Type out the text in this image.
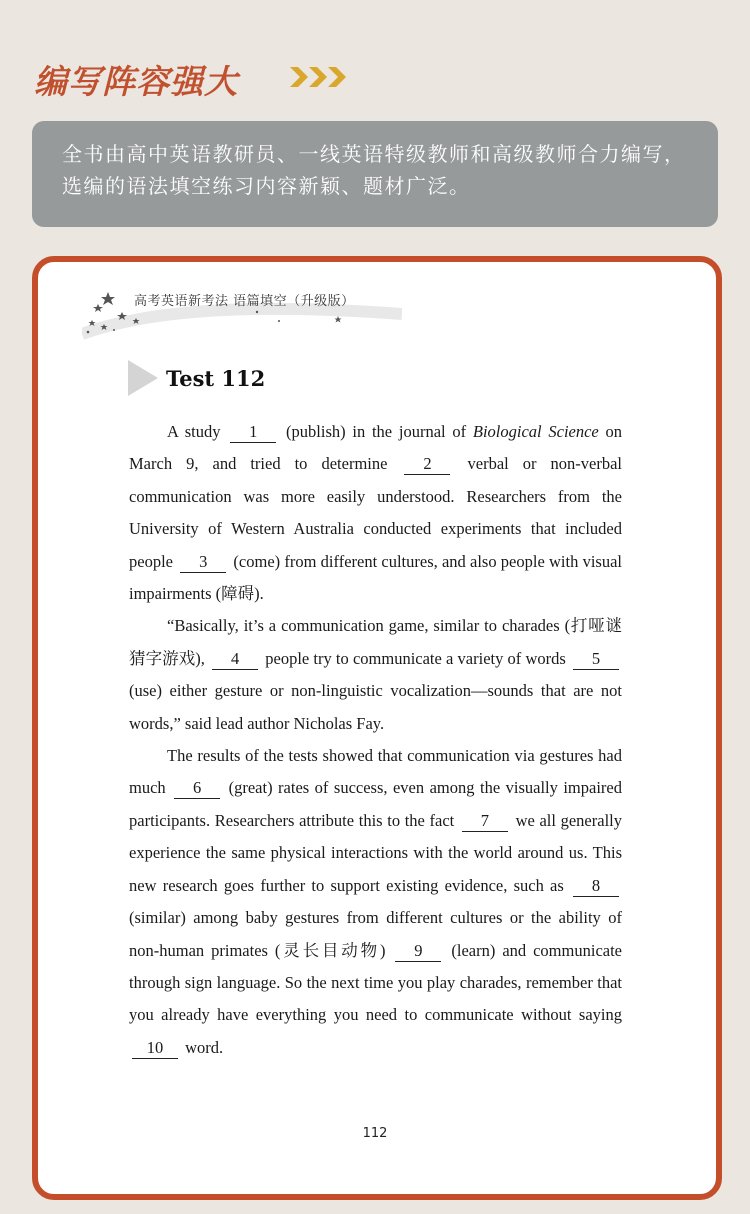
编写阵容强大
全书由高中英语教研员、一线英语特级教师和高级教师合力编写，选编的语法填空练习内容新颖、题材广泛。
高考英语新考法 语篇填空（升级版）
Test 112

A study 1 (publish) in the journal of Biological Science on March 9, and tried to determine 2 verbal or non-verbal communication was more easily understood. Researchers from the University of Western Australia conducted experiments that included people 3 (come) from different cultures, and also people with visual impairments (障碍).

“Basically, it’s a communication game, similar to charades (打哑谜猜字游戏), 4 people try to communicate a variety of words 5 (use) either gesture or non-linguistic vocalization—sounds that are not words,” said lead author Nicholas Fay.

The results of the tests showed that communication via gestures had much 6 (great) rates of success, even among the visually impaired participants. Researchers attribute this to the fact 7 we all generally experience the same physical interactions with the world around us. This new research goes further to support existing evidence, such as 8 (similar) among baby gestures from different cultures or the ability of non-human primates (灵长目动物) 9 (learn) and communicate through sign language. So the next time you play charades, remember that you already have everything you need to communicate without saying 10 word.

112
